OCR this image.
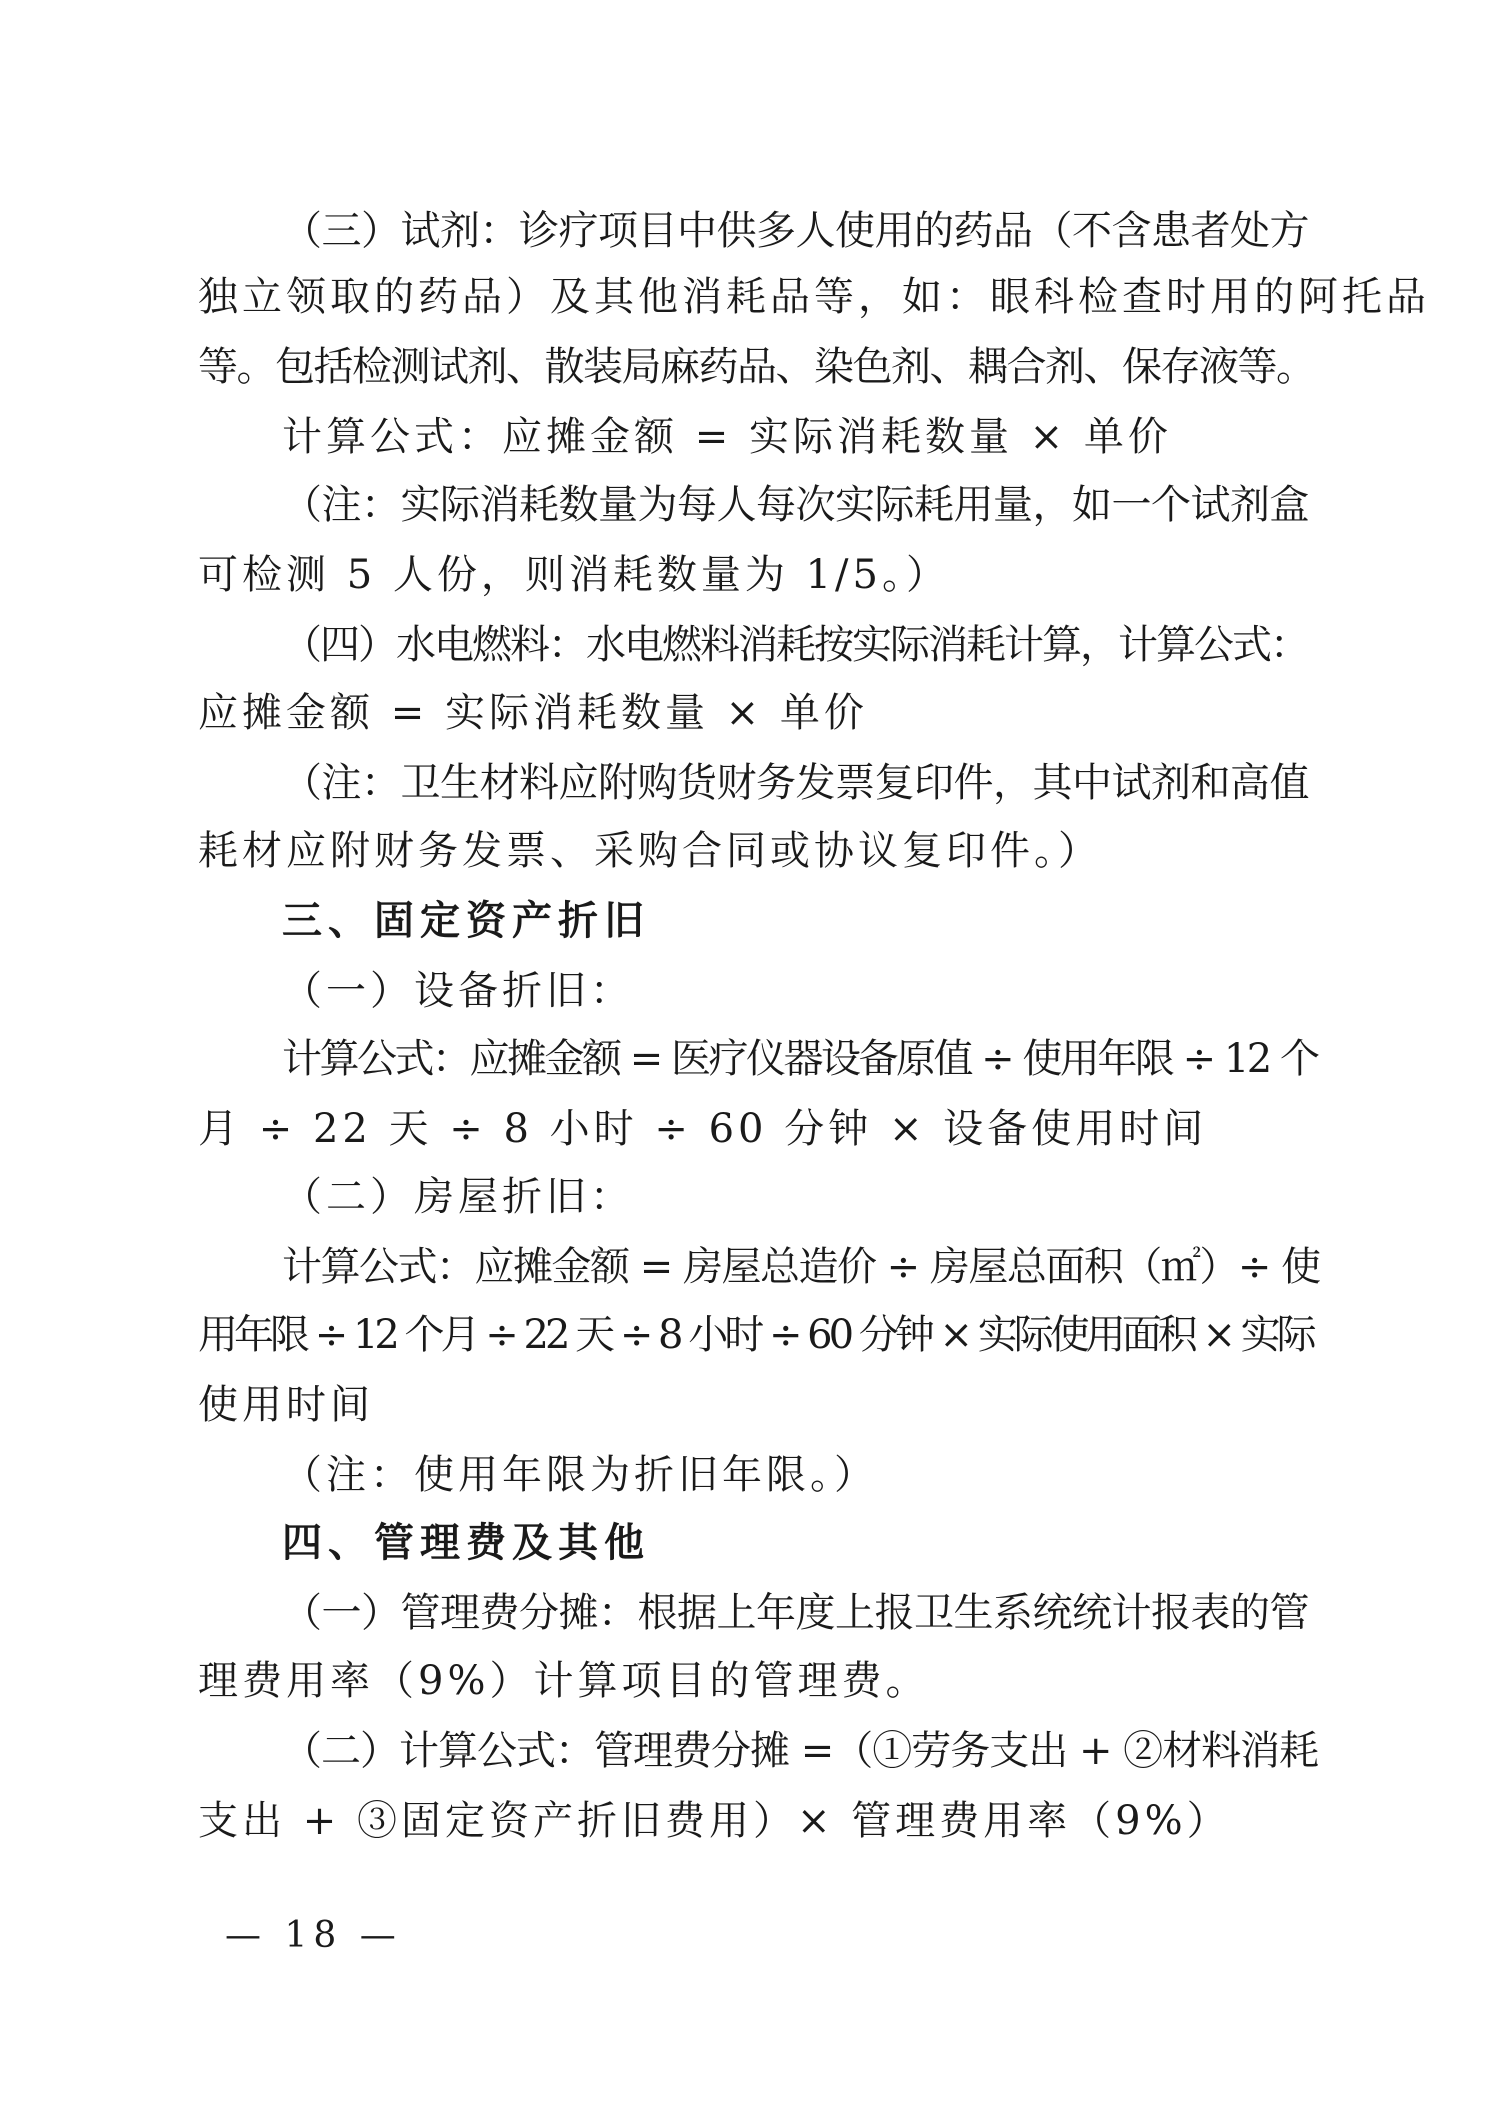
（三）试剂：诊疗项目中供多人使用的药品（不含患者处方
独立领取的药品）及其他消耗品等，如：眼科检查时用的阿托品
等。包括检测试剂、散装局麻药品、染色剂、耦合剂、保存液等。
计算公式：应摊金额 = 实际消耗数量 × 单价
（注：实际消耗数量为每人每次实际耗用量，如一个试剂盒
可检测 5 人份，则消耗数量为 1/5。）
（四）水电燃料：水电燃料消耗按实际消耗计算，计算公式：
应摊金额 = 实际消耗数量 × 单价
（注：卫生材料应附购货财务发票复印件，其中试剂和高值
耗材应附财务发票、采购合同或协议复印件。）
三、固定资产折旧
（一）设备折旧：
计算公式：应摊金额 = 医疗仪器设备原值 ÷ 使用年限 ÷ 12 个
月 ÷ 22 天 ÷ 8 小时 ÷ 60 分钟 × 设备使用时间
（二）房屋折旧：
计算公式：应摊金额 = 房屋总造价 ÷ 房屋总面积（㎡）÷ 使
用年限 ÷ 12 个月 ÷ 22 天 ÷ 8 小时 ÷ 60 分钟 × 实际使用面积 × 实际
使用时间
（注：使用年限为折旧年限。）
四、管理费及其他
（一）管理费分摊：根据上年度上报卫生系统统计报表的管
理费用率（9%）计算项目的管理费。
（二）计算公式：管理费分摊 =（①劳务支出 + ②材料消耗
支出 + ③固定资产折旧费用）× 管理费用率（9%）
— 18 —
